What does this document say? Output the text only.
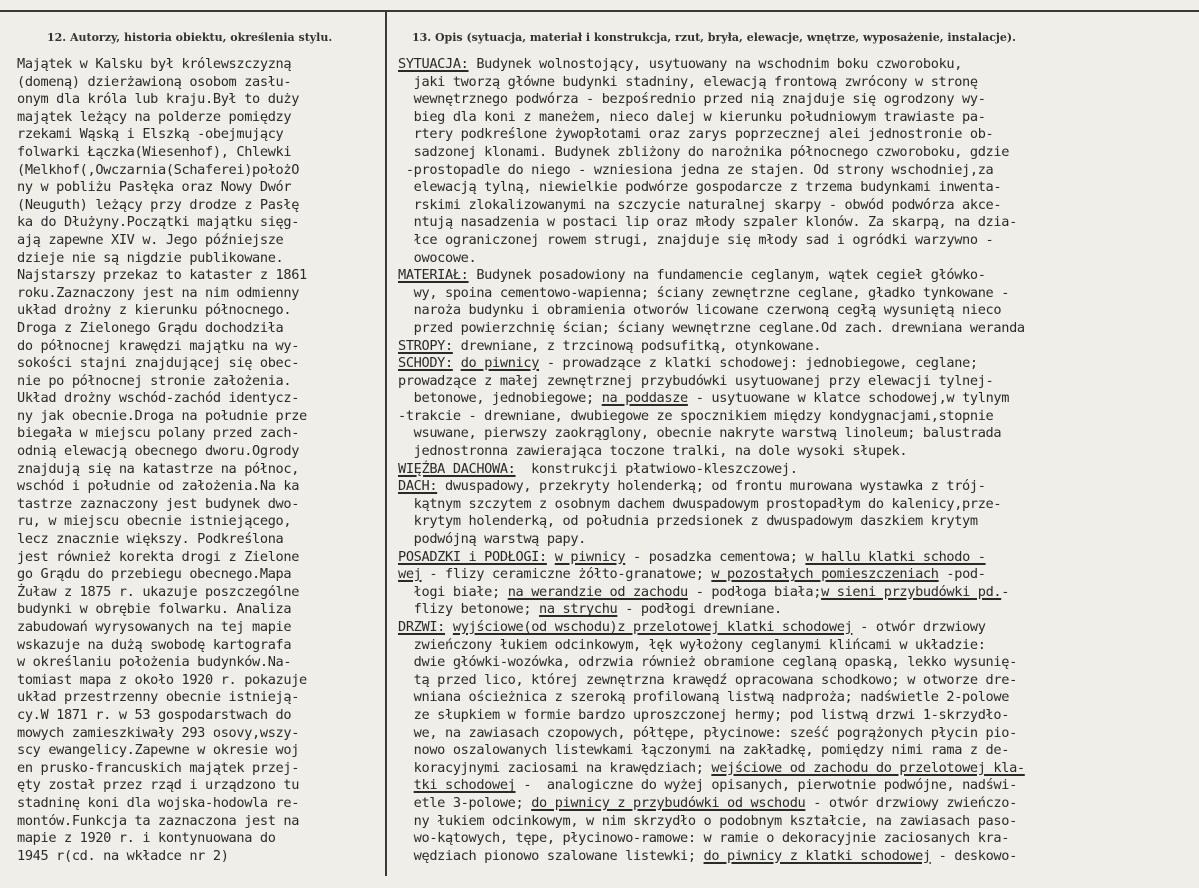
12. Autorzy, historia obiektu, określenia stylu.	13. Opis (sytuacja, materiał i konstrukcja, rzut, bryła, elewacje, wnętrze, wyposażenie, instalacje).
Majątek w Kalsku był królewszczyzną
(domeną) dzierżawioną osobom zasłu-
onym dla króla lub kraju.Był to duży
majątek leżący na polderze pomiędzy
rzekami Wąską i Elszką -obejmujący
folwarki Łączka(Wiesenhof), Chlewki
(Melkhof(,Owczarnia(Schaferei)położO
ny w pobliżu Pasłęka oraz Nowy Dwór
(Neuguth) leżący przy drodze z Pasłę
ka do Dłużyny.Początki majątku sięg-
ają zapewne XIV w. Jego późniejsze
dzieje nie są nigdzie publikowane.
Najstarszy przekaz to kataster z 1861
roku.Zaznaczony jest na nim odmienny
układ drożny z kierunku północnego.
Droga z Zielonego Grądu dochodziła
do północnej krawędzi majątku na wy-
sokości stajni znajdującej się obec-
nie po północnej stronie założenia.
Układ drożny wschód-zachód identycz-
ny jak obecnie.Droga na południe prze
biegała w miejscu polany przed zach-
odnią elewacją obecnego dworu.Ogrody
znajdują się na katastrze na północ,
wschód i południe od założenia.Na ka
tastrze zaznaczony jest budynek dwo-
ru, w miejscu obecnie istniejącego,
lecz znacznie większy. Podkreślona
jest również korekta drogi z Zielone
go Grądu do przebiegu obecnego.Mapa
Żuław z 1875 r. ukazuje poszczególne
budynki w obrębie folwarku. Analiza
zabudowań wyrysowanych na tej mapie
wskazuje na dużą swobodę kartografa
w określaniu położenia budynków.Na-
tomiast mapa z około 1920 r. pokazuje
układ przestrzenny obecnie istnieją-
cy.W 1871 r. w 53 gospodarstwach do
mowych zamieszkiwały 293 osovy,wszy-
scy ewangelicy.Zapewne w okresie woj
en prusko-francuskich majątek przej-
ęty został przez rząd i urządzono tu
stadninę koni dla wojska-hodowla re-
montów.Funkcja ta zaznaczona jest na
mapie z 1920 r. i kontynuowana do
1945 r(cd. na wkładce nr 2)
SYTUACJA: Budynek wolnostojący, usytuowany na wschodnim boku czworoboku,
jaki tworzą główne budynki stadniny, elewacją frontową zwrócony w stronę
wewnętrznego podwórza - bezpośrednio przed nią znajduje się ogrodzony wy-
bieg dla koni z maneżem, nieco dalej w kierunku południowym trawiaste pa-
rtery podkreślone żywopłotami oraz zarys poprzecznej alei jednostronie ob-
sadzonej klonami. Budynek zbliżony do narożnika północnego czworoboku, gdzie
-prostopadle do niego - wzniesiona jedna ze stajen. Od strony wschodniej,za
elewacją tylną, niewielkie podwórze gospodarcze z trzema budynkami inwenta-
rskimi zlokalizowanymi na szczycie naturalnej skarpy - obwód podwórza akce-
ntują nasadzenia w postaci lip oraz młody szpaler klonów. Za skarpą, na dzia-
łce ograniczonej rowem strugi, znajduje się młody sad i ogródki warzywno -
owocowe.
MATERIAŁ: Budynek posadowiony na fundamencie ceglanym, wątek cegieł główko-
wy, spoina cementowo-wapienna; ściany zewnętrzne ceglane, gładko tynkowane -
naroża budynku i obramienia otworów licowane czerwoną cegłą wysuniętą nieco
przed powierzchnię ścian; ściany wewnętrzne ceglane.Od zach. drewniana weranda
STROPY: drewniane, z trzcinową podsufitką, otynkowane.
SCHODY: do piwnicy - prowadzące z klatki schodowej: jednobiegowe, ceglane;
prowadzące z małej zewnętrznej przybudówki usytuowanej przy elewacji tylnej-
betonowe, jednobiegowe; na poddasze - usytuowane w klatce schodowej,w tylnym
-trakcie - drewniane, dwubiegowe ze spocznikiem między kondygnacjami,stopnie
wsuwane, pierwszy zaokrąglony, obecnie nakryte warstwą linoleum; balustrada
jednostronna zawierająca toczone tralki, na dole wysoki słupek.
WIĘŹBA DACHOWA:  konstrukcji płatwiowo-kleszczowej.
DACH: dwuspadowy, przekryty holenderką; od frontu murowana wystawka z trój-
kątnym szczytem z osobnym dachem dwuspadowym prostopadłym do kalenicy,prze-
krytym holenderką, od południa przedsionek z dwuspadowym daszkiem krytym
podwójną warstwą papy.
POSADZKI i PODŁOGI: w piwnicy - posadzka cementowa; w hallu klatki schodo -
wej - flizy ceramiczne żółto-granatowe; w pozostałych pomieszczeniach -pod-
łogi białe; na werandzie od zachodu - podłoga biała;w sieni przybudówki pd.-
flizy betonowe; na strychu - podłogi drewniane.
DRZWI: wyjściowe(od wschodu)z przelotowej klatki schodowej - otwór drzwiowy
zwieńczony łukiem odcinkowym, łęk wyłożony ceglanymi klińcami w układzie:
dwie główki-wozówka, odrzwia również obramione ceglaną opaską, lekko wysunię-
tą przed lico, której zewnętrzna krawędź opracowana schodkowo; w otworze dre-
wniana ościeżnica z szeroką profilowaną listwą nadproża; nadświetle 2-polowe
ze słupkiem w formie bardzo uproszczonej hermy; pod listwą drzwi 1-skrzydło-
we, na zawiasach czopowych, półtępe, płycinowe: sześć pogrążonych płycin pio-
nowo oszalowanych listewkami łączonymi na zakładkę, pomiędzy nimi rama z de-
koracyjnymi zaciosami na krawędziach; wejściowe od zachodu do przelotowej kla-
tki schodowej -  analogiczne do wyżej opisanych, pierwotnie podwójne, nadświ-
etle 3-polowe; do piwnicy z przybudówki od wschodu - otwór drzwiowy zwieńczo-
ny łukiem odcinkowym, w nim skrzydło o podobnym kształcie, na zawiasach paso-
wo-kątowych, tępe, płycinowo-ramowe: w ramie o dekoracyjnie zaciosanych kra-
wędziach pionowo szalowane listewki; do piwnicy z klatki schodowej - deskowo-
